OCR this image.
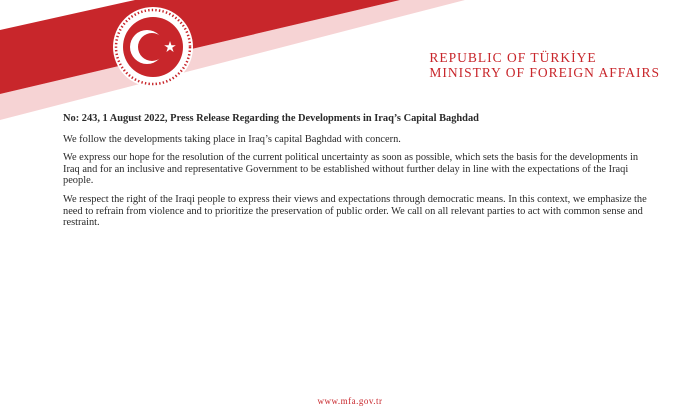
REPUBLIC OF TÜRKİYE
MINISTRY OF FOREIGN AFFAIRS

No: 243, 1 August 2022, Press Release Regarding the Developments in Iraq’s Capital Baghdad

We follow the developments taking place in Iraq’s capital Baghdad with concern.

We express our hope for the resolution of the current political uncertainty as soon as possible, which sets the basis for the developments in Iraq and for an inclusive and representative Government to be established without further delay in line with the expectations of the Iraqi people.

We respect the right of the Iraqi people to express their views and expectations through democratic means. In this context, we emphasize the need to refrain from violence and to prioritize the preservation of public order. We call on all relevant parties to act with common sense and restraint.

www.mfa.gov.tr
